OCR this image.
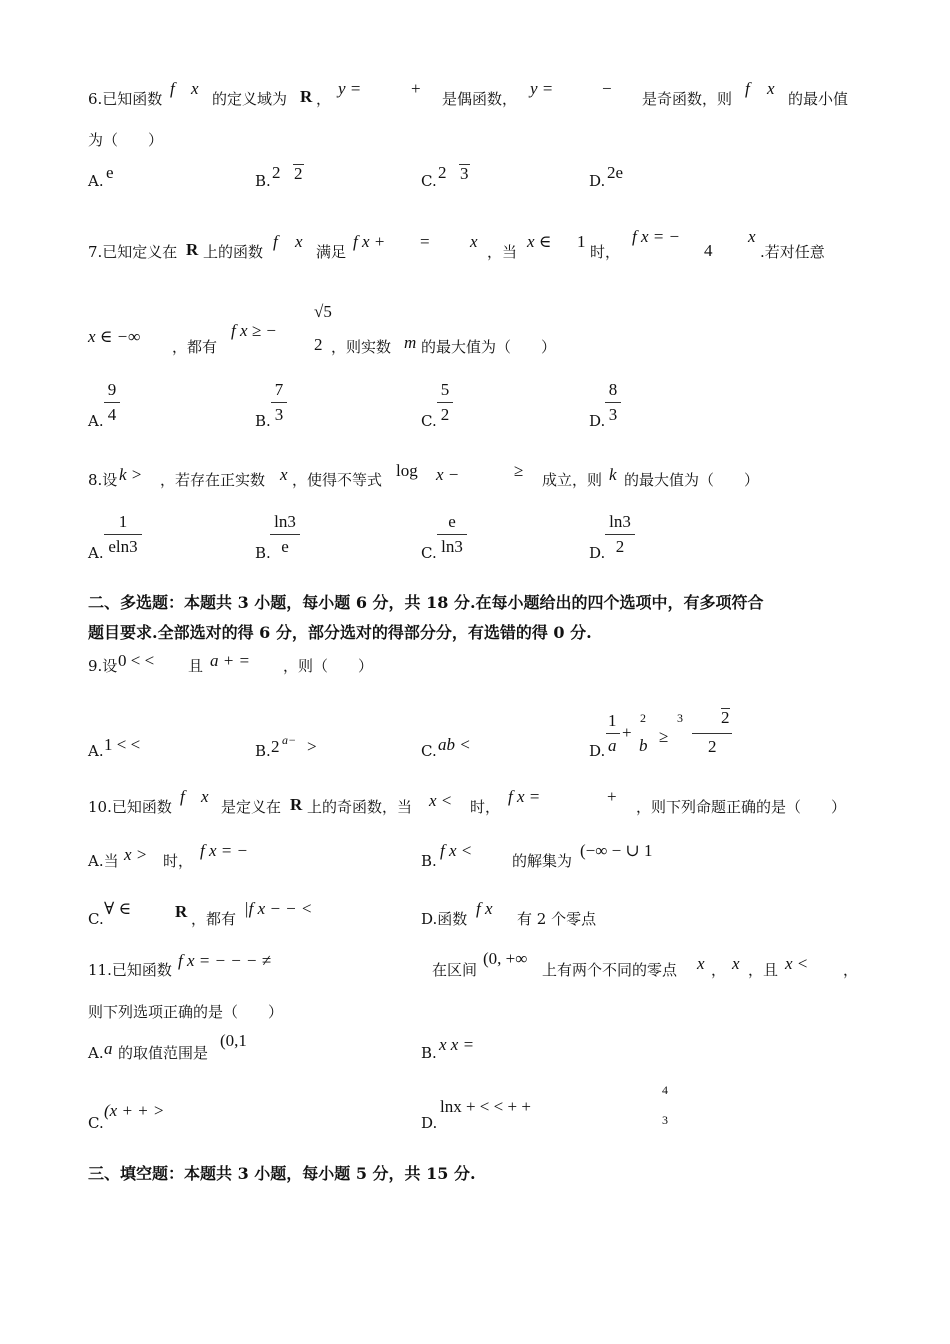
6.已知函数
f x
的定义域为 R ，
y =	+
是偶函数，
y =	−
是奇函数，则
f x
的最小值
为（　　）
A. e	B. 2 2	C. 2 3	D. 2e
7.已知定义在 R 上的函数
f x
满足
f x + = x
，当
x ∈ 1
时，
f x = −
4
x
.若对任意
x ∈ −∞
，都有
f x ≥ −
√5
2 ，则实数 m 的最大值为（　　）
A.
9
4	B.
7
3	C.
5
2	D.
8
3
8.设 k > ，若存在正实数 x ，使得不等式 log x −	≥ 成立，则 k 的最大值为（　　）
A.
1
eln3	B.
ln3
e	C.
e
ln3	D.
ln3
2
二、多选题：本题共 3 小题，每小题 6 分，共 18 分.在每小题给出的四个选项中，有多项符合
题目要求.全部选对的得 6 分，部分选对的得部分分，有选错的得 0 分.
9.设 0 < < 且 a + = ，则（　　）
A. 1 < <	B. 2 a− >	C. ab <	D.
1
a
+
2
b ≥
3 2
2
10.已知函数
f x
是定义在 R 上的奇函数，当 x < 时，
f x =	+
，则下列命题正确的是（　　）
A.当 x > 时，
f x = −
B.
f x <
的解集为
(−∞ − ∪ 1
C.
∀ ∈	R ，都有
|f x − − <
D.函数
f x
有 2 个零点
11.已知函数 f x = − − − ≠	在区间
(0, +∞
上有两个不同的零点 x ， x ，且 x < ，
则下列选项正确的是（　　）
A. a 的取值范围是
(0,1
B. x x =
C.
(x + + >
D.
lnx + < < + +
4
3
三、填空题：本题共 3 小题，每小题 5 分，共 15 分.
